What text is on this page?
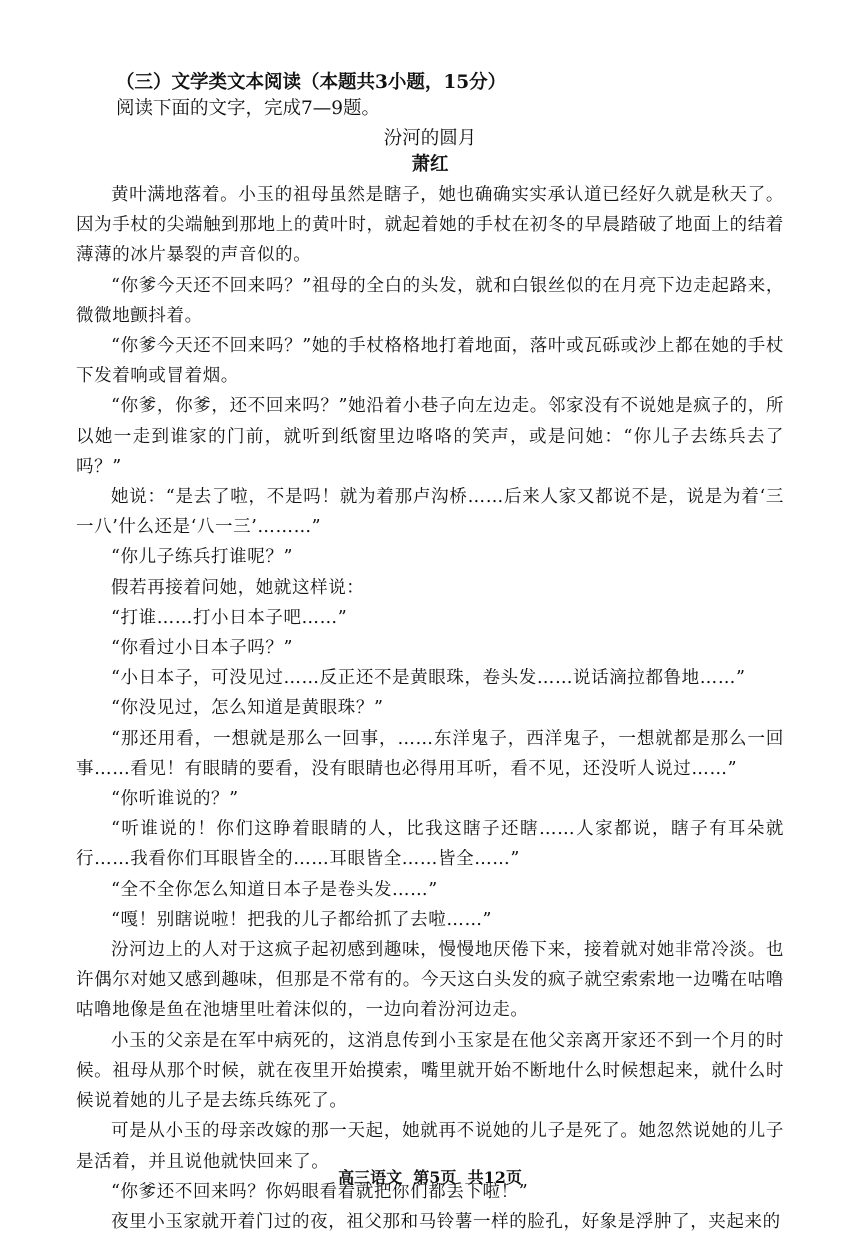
（三）文学类文本阅读（本题共3小题，15分）
阅读下面的文字，完成7—9题。
汾河的圆月
萧红

黄叶满地落着。小玉的祖母虽然是瞎子，她也确确实实承认道已经好久就是秋天了。因为手杖的尖端触到那地上的黄叶时，就起着她的手杖在初冬的早晨踏破了地面上的结着薄薄的冰片暴裂的声音似的。

“你爹今天还不回来吗？”祖母的全白的头发，就和白银丝似的在月亮下边走起路来，微微地颤抖着。

“你爹今天还不回来吗？”她的手杖格格地打着地面，落叶或瓦砾或沙上都在她的手杖下发着响或冒着烟。

“你爹，你爹，还不回来吗？”她沿着小巷子向左边走。邻家没有不说她是疯子的，所以她一走到谁家的门前，就听到纸窗里边咯咯的笑声，或是问她：“你儿子去练兵去了吗？”

她说：“是去了啦，不是吗！就为着那卢沟桥……后来人家又都说不是，说是为着‘三一八’什么还是‘八一三’………”

“你儿子练兵打谁呢？”

假若再接着问她，她就这样说：

“打谁……打小日本子吧……”

“你看过小日本子吗？”

“小日本子，可没见过……反正还不是黄眼珠，卷头发……说话滴拉都鲁地……”

“你没见过，怎么知道是黄眼珠？”

“那还用看，一想就是那么一回事，……东洋鬼子，西洋鬼子，一想就都是那么一回事……看见！有眼睛的要看，没有眼睛也必得用耳听，看不见，还没听人说过……”

“你听谁说的？”

“听谁说的！你们这睁着眼睛的人，比我这瞎子还瞎……人家都说，瞎子有耳朵就行……我看你们耳眼皆全的……耳眼皆全……皆全……”

“全不全你怎么知道日本子是卷头发……”

“嘎！别瞎说啦！把我的儿子都给抓了去啦……”

汾河边上的人对于这疯子起初感到趣味，慢慢地厌倦下来，接着就对她非常冷淡。也许偶尔对她又感到趣味，但那是不常有的。今天这白头发的疯子就空索索地一边嘴在咕噜咕噜地像是鱼在池塘里吐着沫似的，一边向着汾河边走。

小玉的父亲是在军中病死的，这消息传到小玉家是在他父亲离开家还不到一个月的时候。祖母从那个时候，就在夜里开始摸索，嘴里就开始不断地什么时候想起来，就什么时候说着她的儿子是去练兵练死了。

可是从小玉的母亲改嫁的那一天起，她就再不说她的儿子是死了。她忽然说她的儿子是活着，并且说他就快回来了。

“你爹还不回来吗？你妈眼看着就把你们都丢下啦！”

夜里小玉家就开着门过的夜，祖父那和马铃薯一样的脸孔，好象是浮肿了，夹起来的

高三语文  第5页  共12页
